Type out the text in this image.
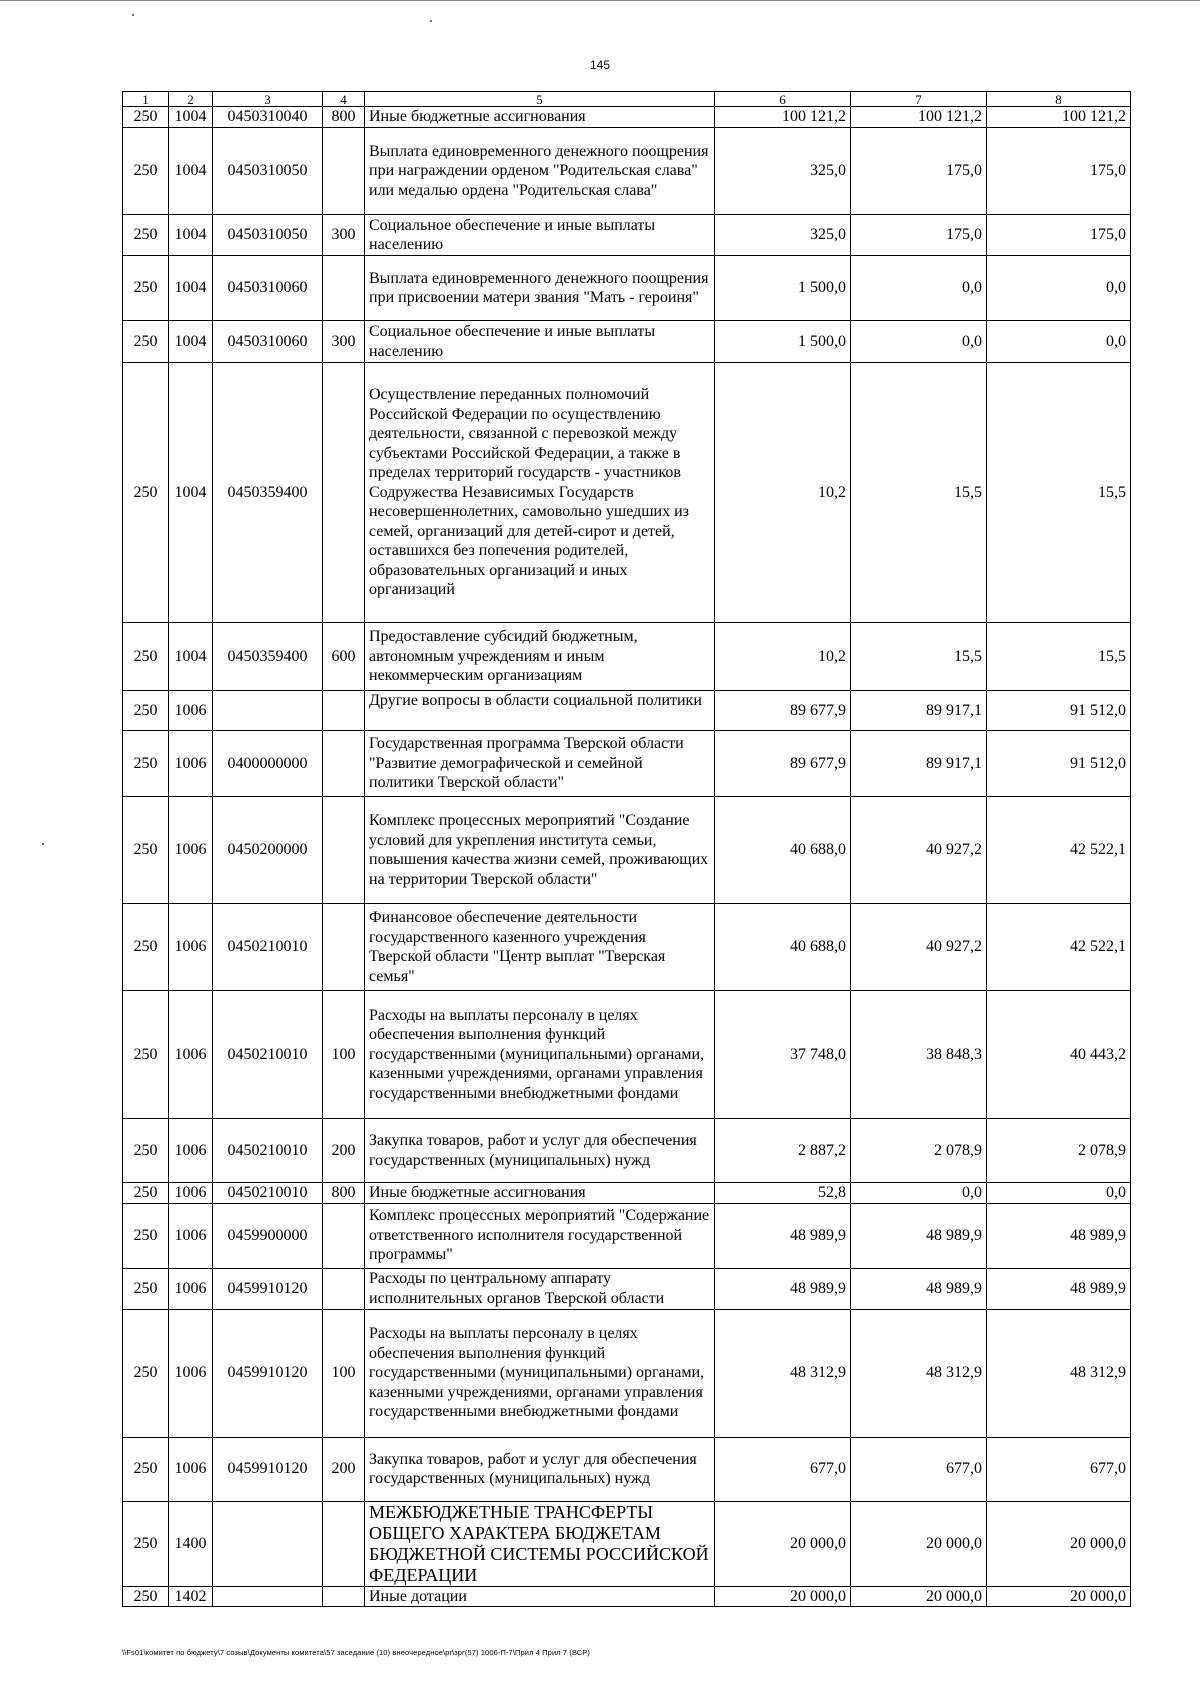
145
1	2	3	4	5	6	7	8
250	1004	0450310040	800	Иные бюджетные ассигнования	100 121,2	100 121,2	100 121,2
250	1004	0450310050		Выплата единовременного денежного поощрения при награждении орденом "Родительская слава" или медалью ордена "Родительская слава"	325,0	175,0	175,0
250	1004	0450310050	300	Социальное обеспечение и иные выплаты населению	325,0	175,0	175,0
250	1004	0450310060		Выплата единовременного денежного поощрения при присвоении матери звания "Мать - героиня"	1 500,0	0,0	0,0
250	1004	0450310060	300	Социальное обеспечение и иные выплаты населению	1 500,0	0,0	0,0
250	1004	0450359400		Осуществление переданных полномочий Российской Федерации по осуществлению деятельности, связанной с перевозкой между субъектами Российской Федерации, а также в пределах территорий государств - участников Содружества Независимых Государств несовершеннолетних, самовольно ушедших из семей, организаций для детей-сирот и детей, оставшихся без попечения родителей, образовательных организаций и иных организаций	10,2	15,5	15,5
250	1004	0450359400	600	Предоставление субсидий бюджетным, автономным учреждениям и иным некоммерческим организациям	10,2	15,5	15,5
250	1006			Другие вопросы в области социальной политики	89 677,9	89 917,1	91 512,0
250	1006	0400000000		Государственная программа Тверской области "Развитие демографической и семейной политики Тверской области"	89 677,9	89 917,1	91 512,0
250	1006	0450200000		Комплекс процессных мероприятий "Создание условий для укрепления института семьи, повышения качества жизни семей, проживающих на территории Тверской области"	40 688,0	40 927,2	42 522,1
250	1006	0450210010		Финансовое обеспечение деятельности государственного казенного учреждения Тверской области "Центр выплат "Тверская семья"	40 688,0	40 927,2	42 522,1
250	1006	0450210010	100	Расходы на выплаты персоналу в целях обеспечения выполнения функций государственными (муниципальными) органами, казенными учреждениями, органами управления государственными внебюджетными фондами	37 748,0	38 848,3	40 443,2
250	1006	0450210010	200	Закупка товаров, работ и услуг для обеспечения государственных (муниципальных) нужд	2 887,2	2 078,9	2 078,9
250	1006	0450210010	800	Иные бюджетные ассигнования	52,8	0,0	0,0
250	1006	0459900000		Комплекс процессных мероприятий "Содержание ответственного исполнителя государственной программы"	48 989,9	48 989,9	48 989,9
250	1006	0459910120		Расходы по центральному аппарату исполнительных органов Тверской области	48 989,9	48 989,9	48 989,9
250	1006	0459910120	100	Расходы на выплаты персоналу в целях обеспечения выполнения функций государственными (муниципальными) органами, казенными учреждениями, органами управления государственными внебюджетными фондами	48 312,9	48 312,9	48 312,9
250	1006	0459910120	200	Закупка товаров, работ и услуг для обеспечения государственных (муниципальных) нужд	677,0	677,0	677,0
250	1400			МЕЖБЮДЖЕТНЫЕ ТРАНСФЕРТЫ ОБЩЕГО ХАРАКТЕРА БЮДЖЕТАМ БЮДЖЕТНОЙ СИСТЕМЫ РОССИЙСКОЙ ФЕДЕРАЦИИ	20 000,0	20 000,0	20 000,0
250	1402			Иные дотации	20 000,0	20 000,0	20 000,0
\\Fs01\комитет по бюджету\7 созыв\Документы комитета\57 заседание (10) внеочередное\pr\зрг(57) 1006-П-7\Прил 4 Прил 7 (ВСР)
